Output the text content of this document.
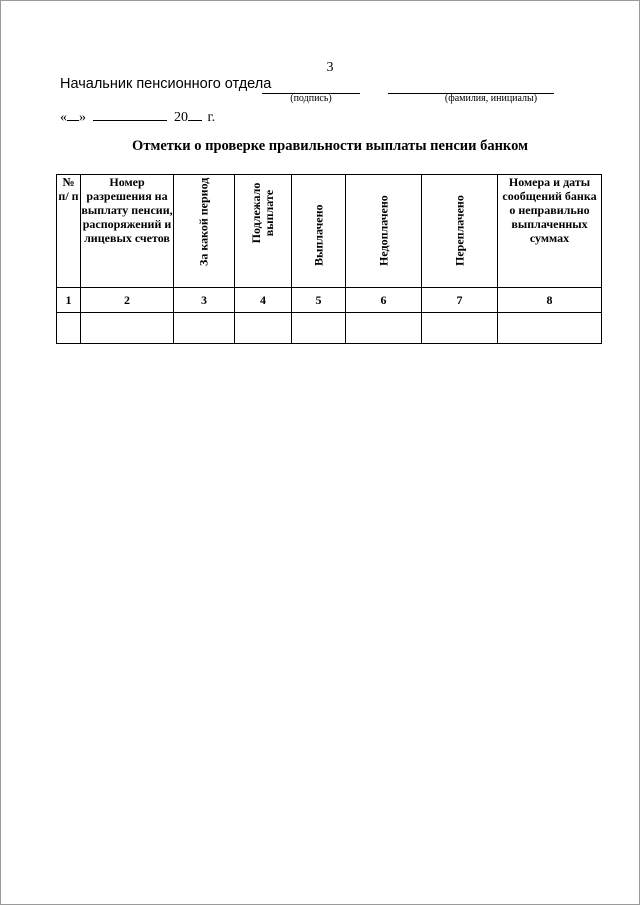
3
Начальник пенсионного отдела
(подпись)	(фамилия, инициалы)
« »	20 г.
Отметки о проверке правильности выплаты пенсии банком
№ п/ п	Номер разрешения на выплату пенсии, распоряжений и лицевых счетов	За какой период	Подлежало выплате	Выплачено	Недоплачено	Переплачено	Номера и даты сообщений банка о неправильно выплаченных суммах
1	2	3	4	5	6	7	8
